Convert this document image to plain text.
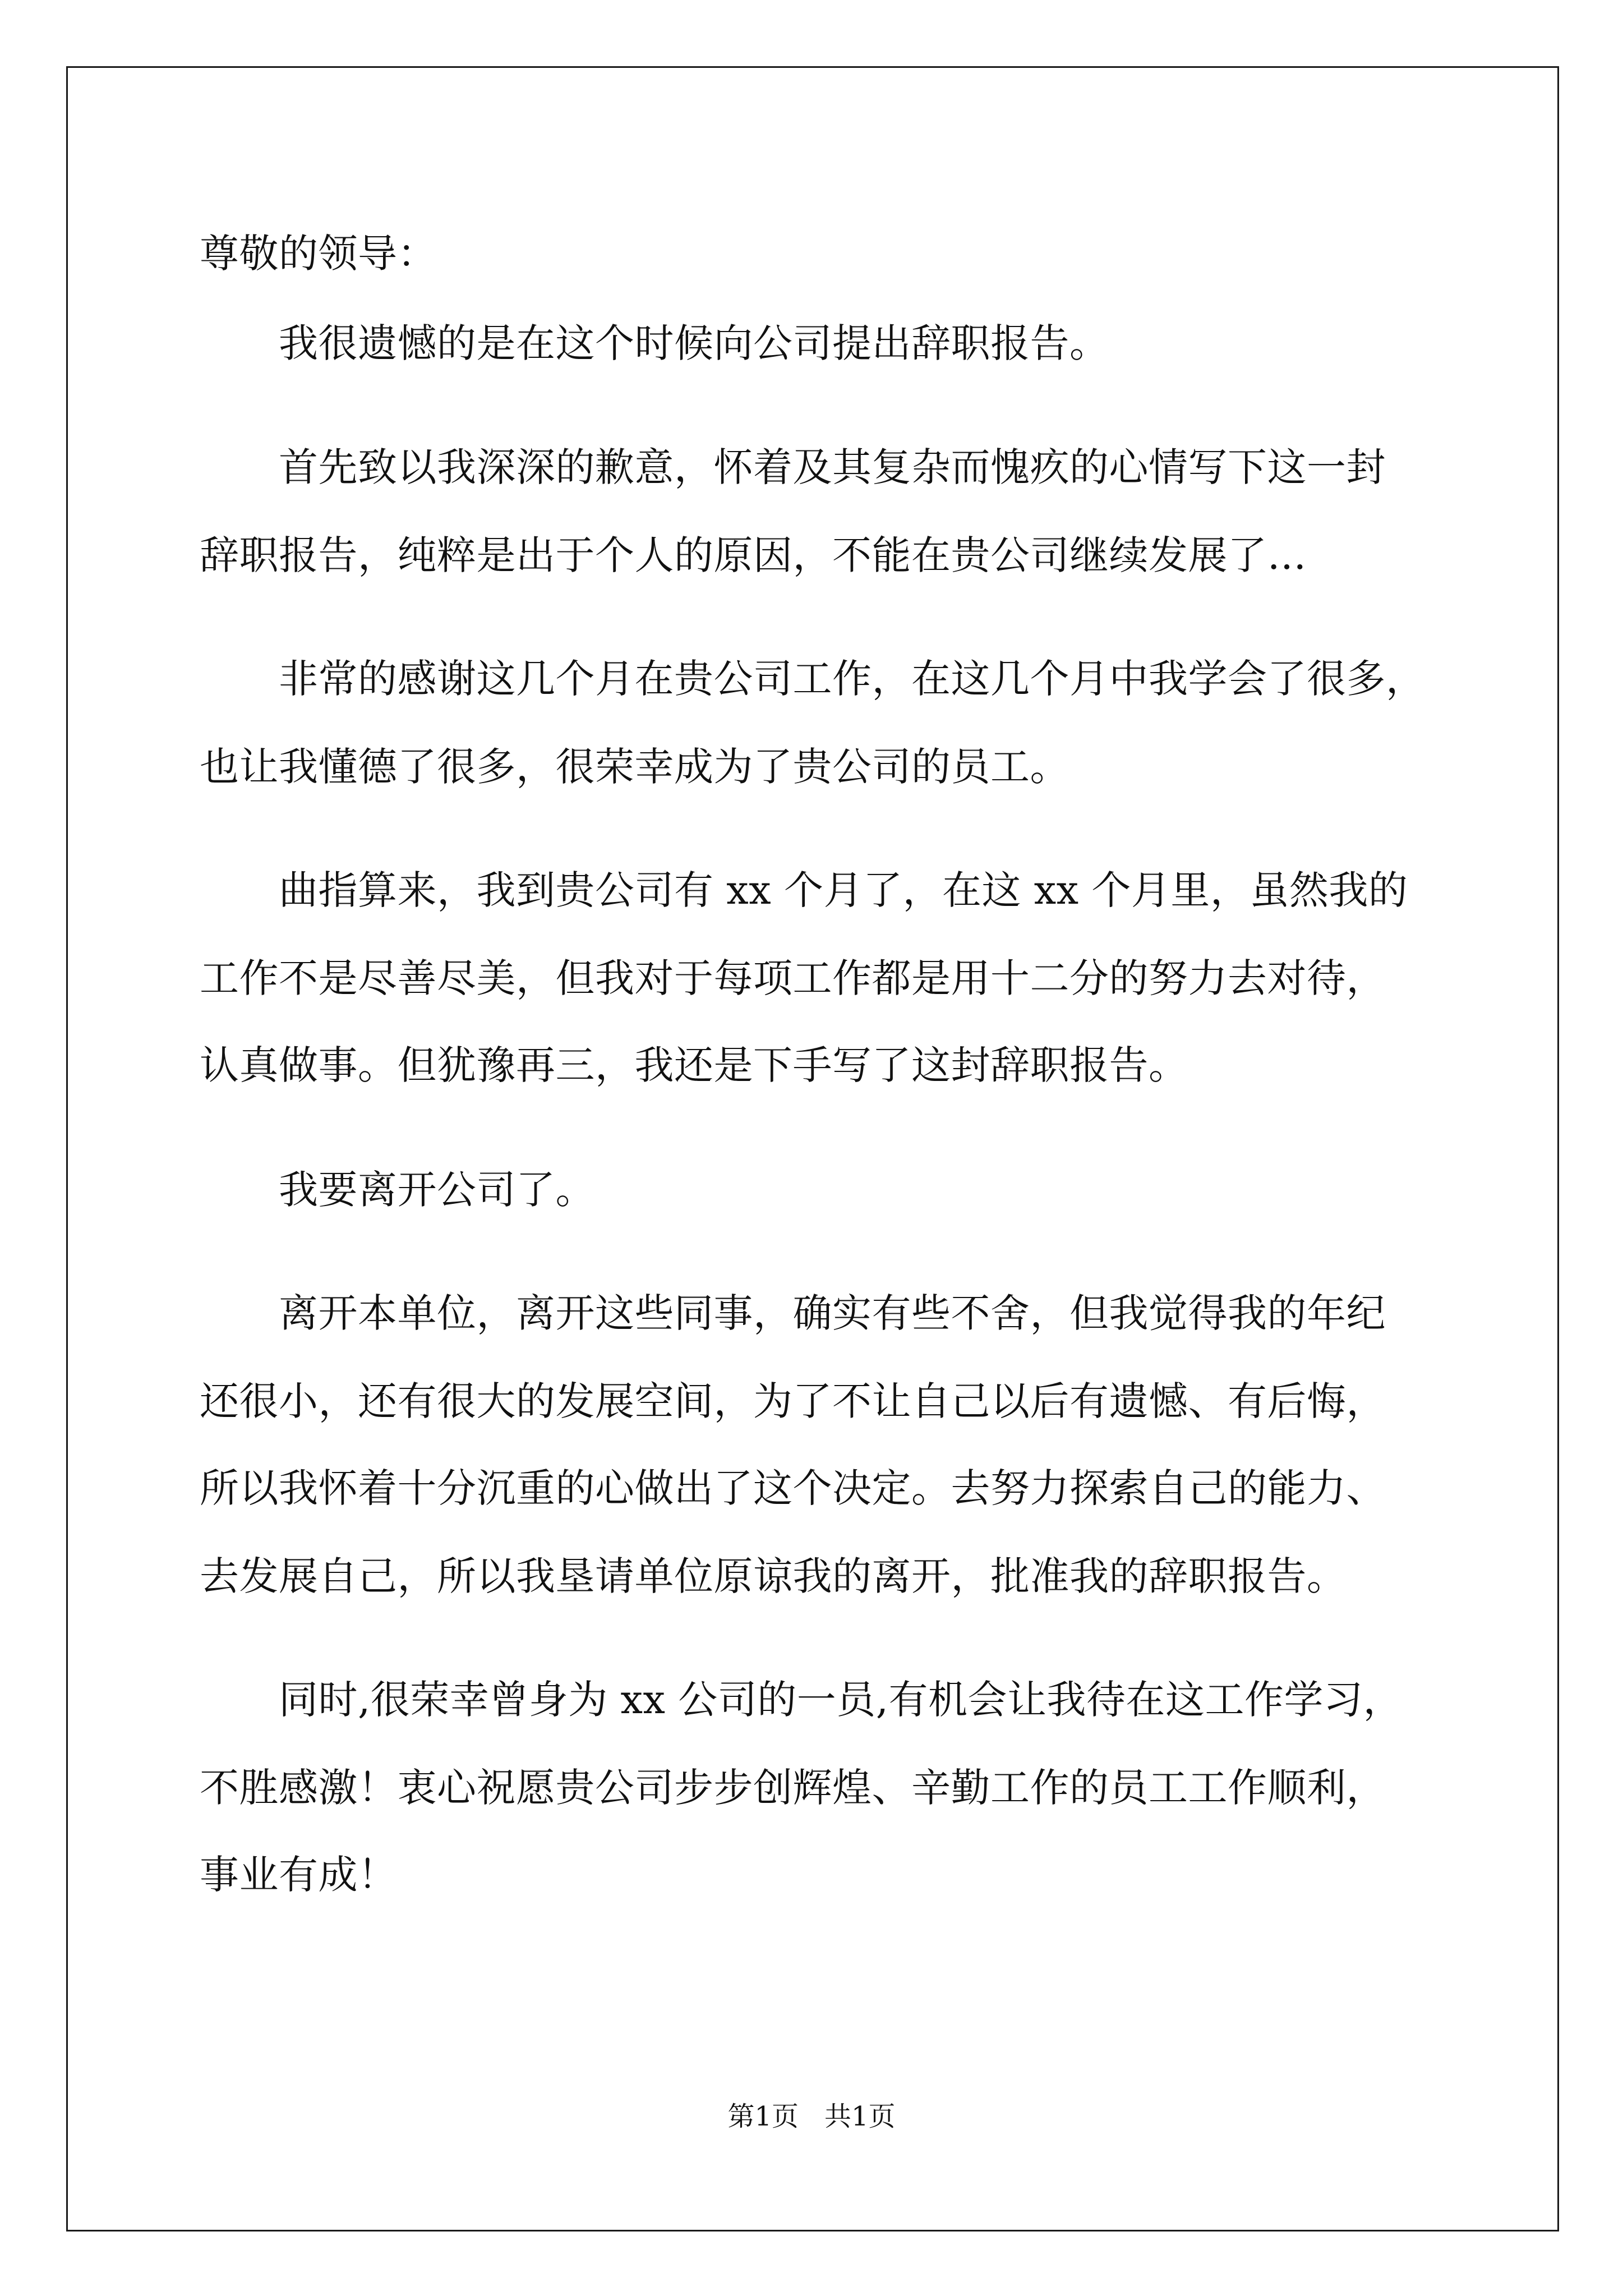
尊敬的领导：

　　我很遗憾的是在这个时候向公司提出辞职报告。

　　首先致以我深深的歉意，怀着及其复杂而愧疚的心情写下这一封

辞职报告，纯粹是出于个人的原因，不能在贵公司继续发展了…

　　非常的感谢这几个月在贵公司工作，在这几个月中我学会了很多，

也让我懂德了很多，很荣幸成为了贵公司的员工。

　　曲指算来，我到贵公司有 xx 个月了，在这 xx 个月里，虽然我的

工作不是尽善尽美，但我对于每项工作都是用十二分的努力去对待，

认真做事。但犹豫再三，我还是下手写了这封辞职报告。

　　我要离开公司了。

　　离开本单位，离开这些同事，确实有些不舍，但我觉得我的年纪

还很小，还有很大的发展空间，为了不让自己以后有遗憾、有后悔，

所以我怀着十分沉重的心做出了这个决定。去努力探索自己的能力、

去发展自己，所以我垦请单位原谅我的离开，批准我的辞职报告。

　　同时,很荣幸曾身为 xx 公司的一员,有机会让我待在这工作学习，

不胜感激！衷心祝愿贵公司步步创辉煌、辛勤工作的员工工作顺利，

事业有成！

第1页 共1页
